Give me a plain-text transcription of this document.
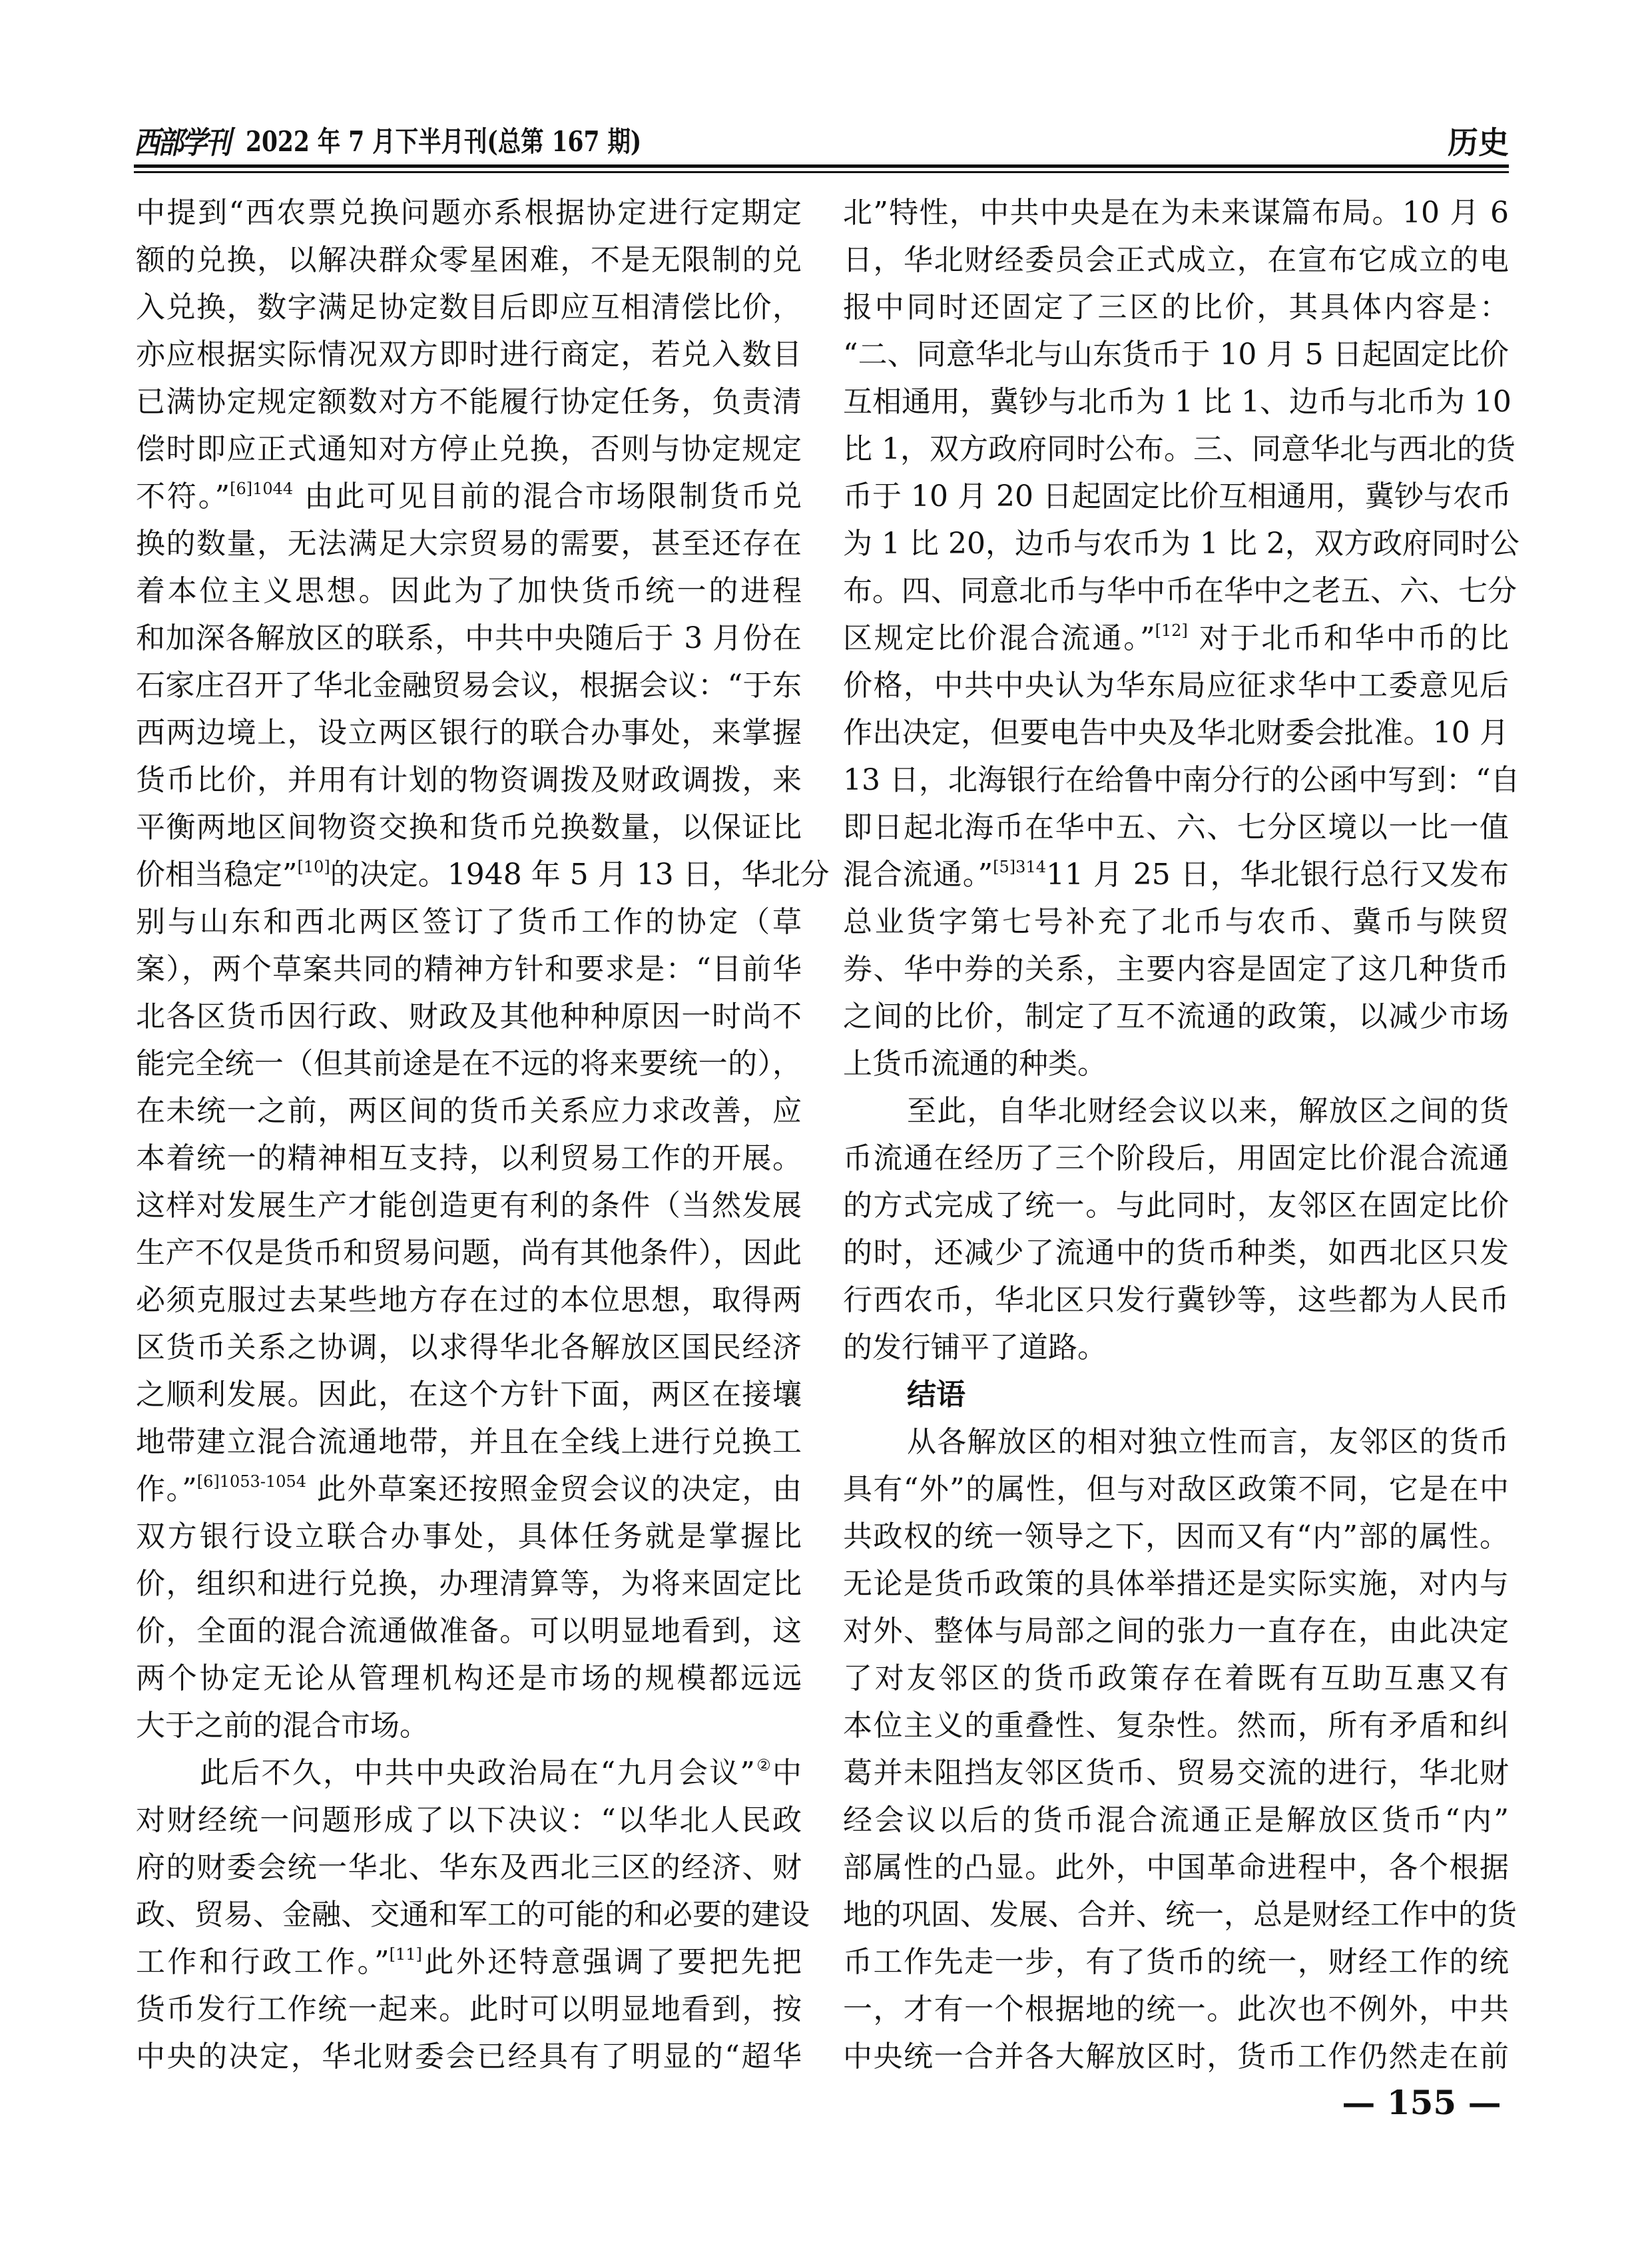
西部学刊 2022 年 7 月下半月刊(总第 167 期)	历史
中提到“西农票兑换问题亦系根据协定进行定期定
额的兑换，以解决群众零星困难，不是无限制的兑
入兑换，数字满足协定数目后即应互相清偿比价，
亦应根据实际情况双方即时进行商定，若兑入数目
已满协定规定额数对方不能履行协定任务，负责清
偿时即应正式通知对方停止兑换，否则与协定规定
不符。”$^{[6]1044}$ 由此可见目前的混合市场限制货币兑
换的数量，无法满足大宗贸易的需要，甚至还存在
着本位主义思想。因此为了加快货币统一的进程
和加深各解放区的联系，中共中央随后于 3 月份在
石家庄召开了华北金融贸易会议，根据会议：“于东
西两边境上，设立两区银行的联合办事处，来掌握
货币比价，并用有计划的物资调拨及财政调拨，来
平衡两地区间物资交换和货币兑换数量，以保证比
价相当稳定”[10]的决定。1948 年 5 月 13 日，华北分
别与山东和西北两区签订了货币工作的协定（草
案），两个草案共同的精神方针和要求是：“目前华
北各区货币因行政、财政及其他种种原因一时尚不
能完全统一（但其前途是在不远的将来要统一的），
在未统一之前，两区间的货币关系应力求改善，应
本着统一的精神相互支持，以利贸易工作的开展。
这样对发展生产才能创造更有利的条件（当然发展
生产不仅是货币和贸易问题，尚有其他条件），因此
必须克服过去某些地方存在过的本位思想，取得两
区货币关系之协调，以求得华北各解放区国民经济
之顺利发展。因此，在这个方针下面，两区在接壤
地带建立混合流通地带，并且在全线上进行兑换工
作。”$^{[6]1053-1054}$ 此外草案还按照金贸会议的决定，由
双方银行设立联合办事处，具体任务就是掌握比
价，组织和进行兑换，办理清算等，为将来固定比
价，全面的混合流通做准备。可以明显地看到，这
两个协定无论从管理机构还是市场的规模都远远
大于之前的混合市场。
此后不久，中共中央政治局在“九月会议”②中
对财经统一问题形成了以下决议：“以华北人民政
府的财委会统一华北、华东及西北三区的经济、财
政、贸易、金融、交通和军工的可能的和必要的建设
工作和行政工作。”[11]此外还特意强调了要把先把
货币发行工作统一起来。此时可以明显地看到，按
中央的决定，华北财委会已经具有了明显的“超华
北”特性，中共中央是在为未来谋篇布局。10 月 6
日，华北财经委员会正式成立，在宣布它成立的电
报中同时还固定了三区的比价，其具体内容是：
“二、同意华北与山东货币于 10 月 5 日起固定比价
互相通用，冀钞与北币为 1 比 1、边币与北币为 10
比 1，双方政府同时公布。三、同意华北与西北的货
币于 10 月 20 日起固定比价互相通用，冀钞与农币
为 1 比 20，边币与农币为 1 比 2，双方政府同时公
布。四、同意北币与华中币在华中之老五、六、七分
区规定比价混合流通。”[12] 对于北币和华中币的比
价格，中共中央认为华东局应征求华中工委意见后
作出决定，但要电告中央及华北财委会批准。10 月
13 日，北海银行在给鲁中南分行的公函中写到：“自
即日起北海币在华中五、六、七分区境以一比一值
混合流通。”$^{[5]314}$11 月 25 日，华北银行总行又发布
总业货字第七号补充了北币与农币、冀币与陕贸
券、华中券的关系，主要内容是固定了这几种货币
之间的比价，制定了互不流通的政策，以减少市场
上货币流通的种类。
至此，自华北财经会议以来，解放区之间的货
币流通在经历了三个阶段后，用固定比价混合流通
的方式完成了统一。与此同时，友邻区在固定比价
的时，还减少了流通中的货币种类，如西北区只发
行西农币，华北区只发行冀钞等，这些都为人民币
的发行铺平了道路。
结语
从各解放区的相对独立性而言，友邻区的货币
具有“外”的属性，但与对敌区政策不同，它是在中
共政权的统一领导之下，因而又有“内”部的属性。
无论是货币政策的具体举措还是实际实施，对内与
对外、整体与局部之间的张力一直存在，由此决定
了对友邻区的货币政策存在着既有互助互惠又有
本位主义的重叠性、复杂性。然而，所有矛盾和纠
葛并未阻挡友邻区货币、贸易交流的进行，华北财
经会议以后的货币混合流通正是解放区货币“内”
部属性的凸显。此外，中国革命进程中，各个根据
地的巩固、发展、合并、统一，总是财经工作中的货
币工作先走一步，有了货币的统一，财经工作的统
一，才有一个根据地的统一。此次也不例外，中共
中央统一合并各大解放区时，货币工作仍然走在前
— 155 —
